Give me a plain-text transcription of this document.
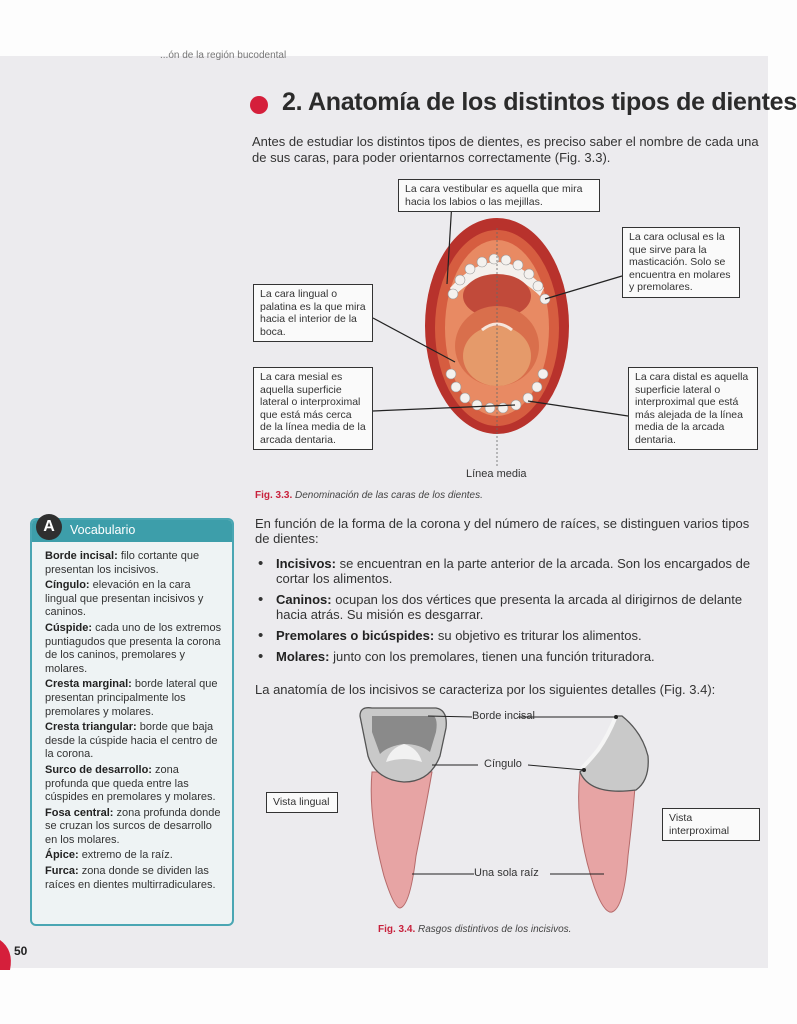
...ón de la región bucodental
2. Anatomía de los distintos tipos de dientes
Antes de estudiar los distintos tipos de dientes, es preciso saber el nombre de cada una de sus caras, para poder orientarnos correctamente (Fig. 3.3).
La cara vestibular es aquella que mira hacia los labios o las mejillas.
La cara oclusal es la que sirve para la masticación. Solo se encuentra en molares y premolares.
La cara lingual o palatina es la que mira hacia el interior de la boca.
La cara mesial es aquella superficie lateral o interproximal que está más cerca de la línea media de la arcada dentaria.
La cara distal es aquella superficie lateral o interproximal que está más alejada de la línea media de la arcada dentaria.
Línea media
Fig. 3.3. Denominación de las caras de los dientes.
A	Vocabulario
Borde incisal: filo cortante que presentan los incisivos.
Cíngulo: elevación en la cara lingual que presentan incisivos y caninos.
Cúspide: cada uno de los extremos puntiagudos que presenta la corona de los caninos, premolares y molares.
Cresta marginal: borde lateral que presentan principalmente los premolares y molares.
Cresta triangular: borde que baja desde la cúspide hacia el centro de la corona.
Surco de desarrollo: zona profunda que queda entre las cúspides en premolares y molares.
Fosa central: zona profunda donde se cruzan los surcos de desarrollo en los molares.
Ápice: extremo de la raíz.
Furca: zona donde se dividen las raíces en dientes multirradiculares.
En función de la forma de la corona y del número de raíces, se distinguen varios tipos de dientes:
• Incisivos: se encuentran en la parte anterior de la arcada. Son los encargados de cortar los alimentos.
• Caninos: ocupan los dos vértices que presenta la arcada al dirigirnos de delante hacia atrás. Su misión es desgarrar.
• Premolares o bicúspides: su objetivo es triturar los alimentos.
• Molares: junto con los premolares, tienen una función trituradora.
La anatomía de los incisivos se caracteriza por los siguientes detalles (Fig. 3.4):
Borde incisal
Cíngulo
Una sola raíz
Vista lingual
Vista interproximal
Fig. 3.4. Rasgos distintivos de los incisivos.
50
